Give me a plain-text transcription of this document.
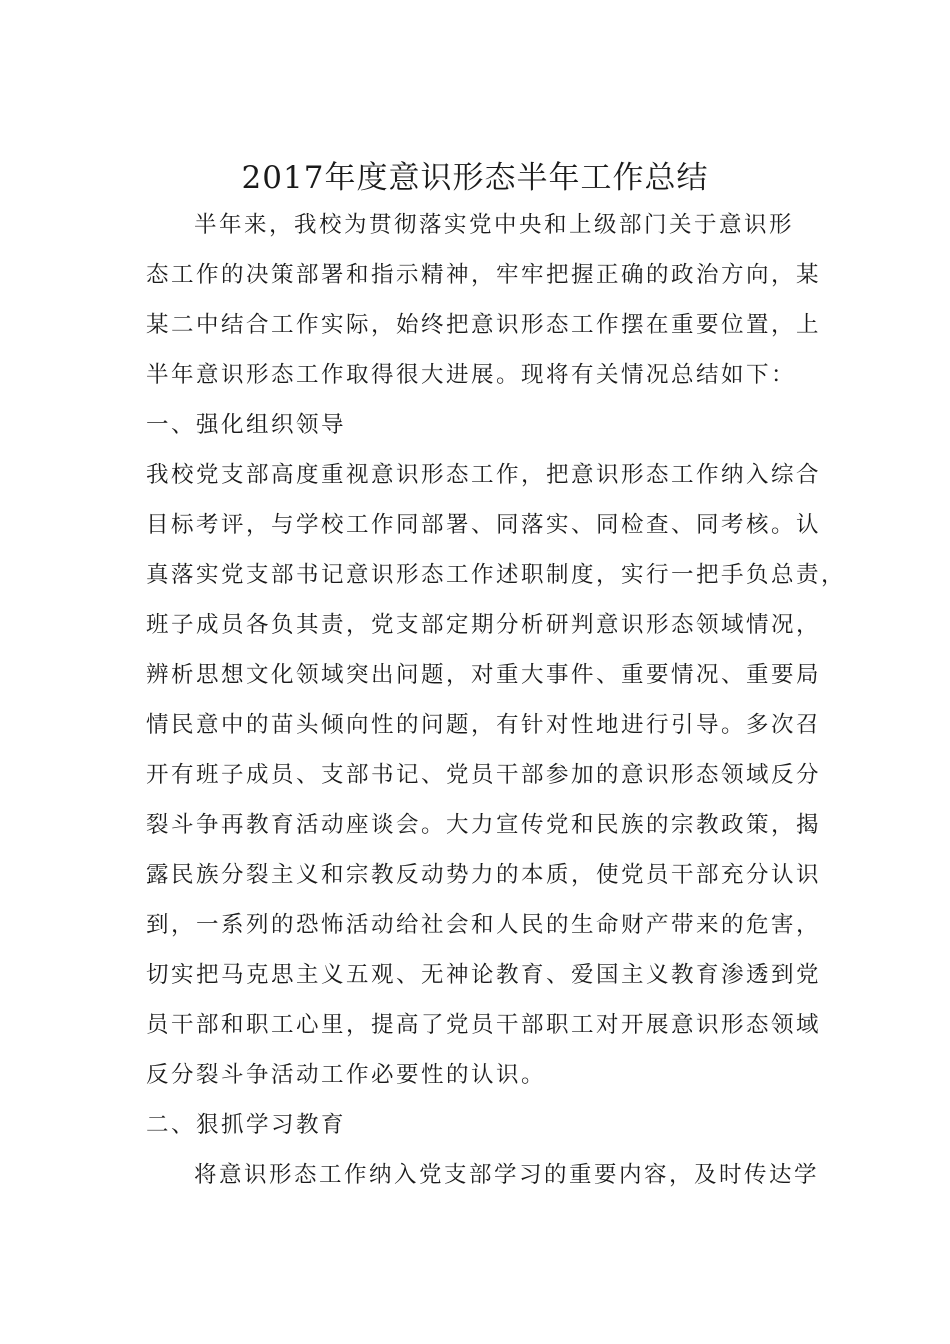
2017年度意识形态半年工作总结
半年来，我校为贯彻落实党中央和上级部门关于意识形
态工作的决策部署和指示精神，牢牢把握正确的政治方向，某
某二中结合工作实际，始终把意识形态工作摆在重要位置，上
半年意识形态工作取得很大进展。现将有关情况总结如下：
一、强化组织领导
我校党支部高度重视意识形态工作，把意识形态工作纳入综合
目标考评，与学校工作同部署、同落实、同检查、同考核。认
真落实党支部书记意识形态工作述职制度，实行一把手负总责，
班子成员各负其责，党支部定期分析研判意识形态领域情况，
辨析思想文化领域突出问题，对重大事件、重要情况、重要局
情民意中的苗头倾向性的问题，有针对性地进行引导。多次召
开有班子成员、支部书记、党员干部参加的意识形态领域反分
裂斗争再教育活动座谈会。大力宣传党和民族的宗教政策，揭
露民族分裂主义和宗教反动势力的本质，使党员干部充分认识
到，一系列的恐怖活动给社会和人民的生命财产带来的危害，
切实把马克思主义五观、无神论教育、爱国主义教育渗透到党
员干部和职工心里，提高了党员干部职工对开展意识形态领域
反分裂斗争活动工作必要性的认识。
二、狠抓学习教育
将意识形态工作纳入党支部学习的重要内容，及时传达学
